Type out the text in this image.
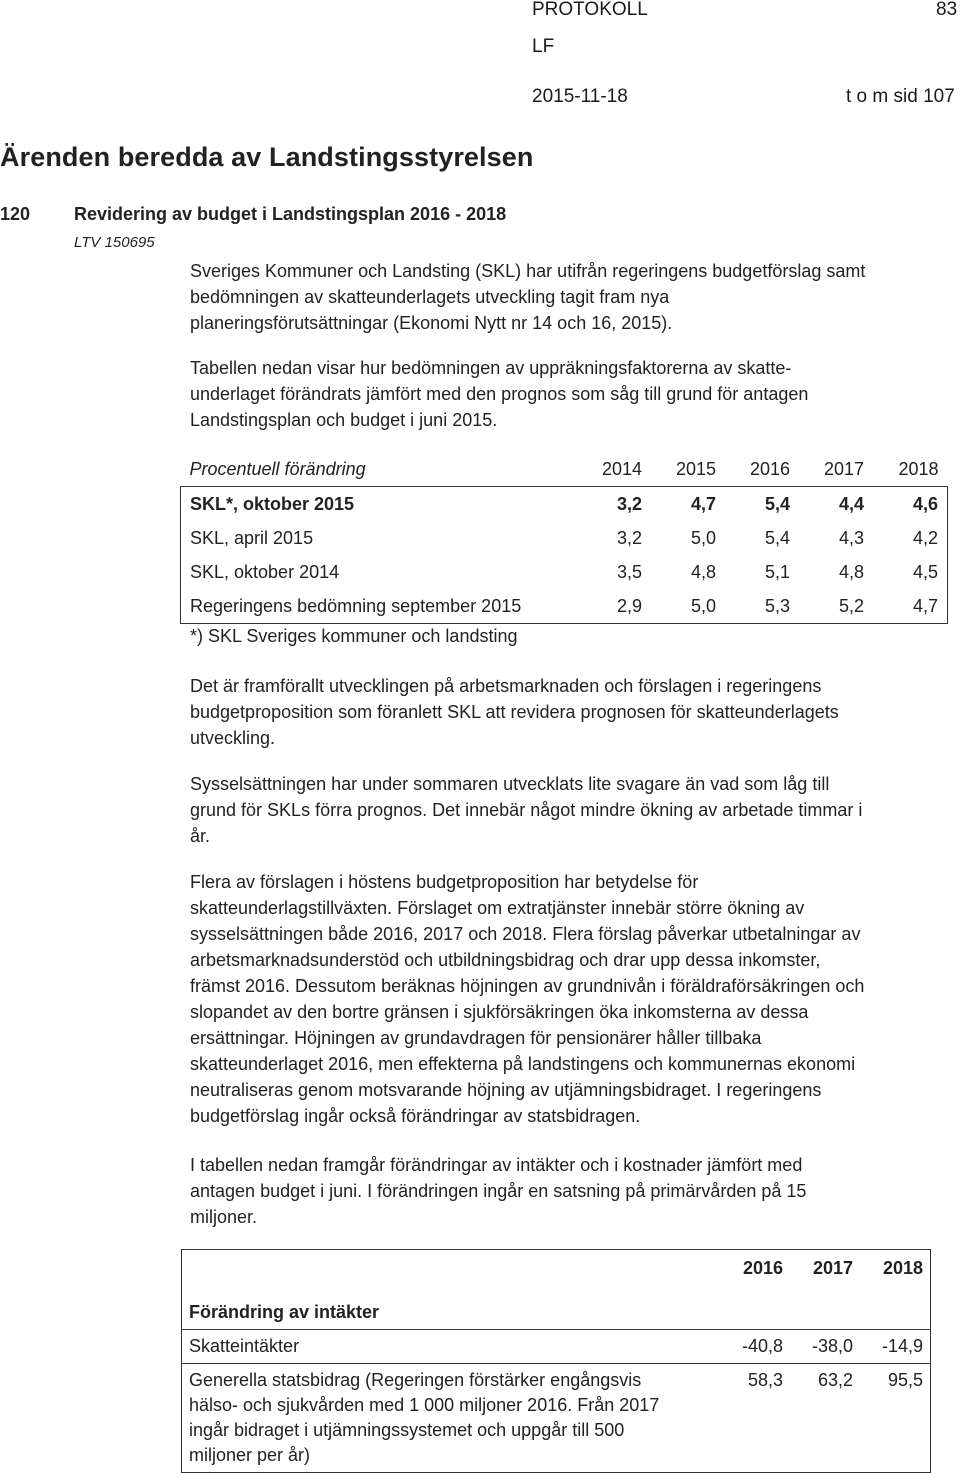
PROTOKOLL	83
LF
2015-11-18	t o m sid 107
Ärenden beredda av Landstingsstyrelsen
120 Revidering av budget i Landstingsplan 2016 - 2018
LTV 150695

Sveriges Kommuner och Landsting (SKL) har utifrån regeringens budgetförslag samt

bedömningen av skatteunderlagets utveckling tagit fram nya

planeringsförutsättningar (Ekonomi Nytt nr 14 och 16, 2015).

Tabellen nedan visar hur bedömningen av uppräkningsfaktorerna av skatte-

underlaget förändrats jämfört med den prognos som såg till grund för antagen

Landstingsplan och budget i juni 2015.

Procentuell förändring	2014	2015	2016	2017	2018
SKL*, oktober 2015	3,2	4,7	5,4	4,4	4,6
SKL, april 2015	3,2	5,0	5,4	4,3	4,2
SKL, oktober 2014	3,5	4,8	5,1	4,8	4,5
Regeringens bedömning september 2015	2,9	5,0	5,3	5,2	4,7
*) SKL Sveriges kommuner och landsting

Det är framförallt utvecklingen på arbetsmarknaden och förslagen i regeringens

budgetproposition som föranlett SKL att revidera prognosen för skatteunderlagets

utveckling.

Sysselsättningen har under sommaren utvecklats lite svagare än vad som låg till

grund för SKLs förra prognos. Det innebär något mindre ökning av arbetade timmar i

år.

Flera av förslagen i höstens budgetproposition har betydelse för

skatteunderlagstillväxten. Förslaget om extratjänster innebär större ökning av

sysselsättningen både 2016, 2017 och 2018. Flera förslag påverkar utbetalningar av

arbetsmarknadsunderstöd och utbildningsbidrag och drar upp dessa inkomster,

främst 2016. Dessutom beräknas höjningen av grundnivån i föräldraförsäkringen och

slopandet av den bortre gränsen i sjukförsäkringen öka inkomsterna av dessa

ersättningar. Höjningen av grundavdragen för pensionärer håller tillbaka

skatteunderlaget 2016, men effekterna på landstingens och kommunernas ekonomi

neutraliseras genom motsvarande höjning av utjämningsbidraget. I regeringens

budgetförslag ingår också förändringar av statsbidragen.

I tabellen nedan framgår förändringar av intäkter och i kostnader jämfört med

antagen budget i juni. I förändringen ingår en satsning på primärvården på 15

miljoner.

Förändring av intäkter	2016	2017	2018
Skatteintäkter	-40,8	-38,0	-14,9

Generella statsbidrag (Regeringen förstärker engångsvis
hälso- och sjukvården med 1 000 miljoner 2016. Från 2017
ingår bidraget i utjämningssystemet och uppgår till 500
miljoner per år)	58,3	63,2	95,5
